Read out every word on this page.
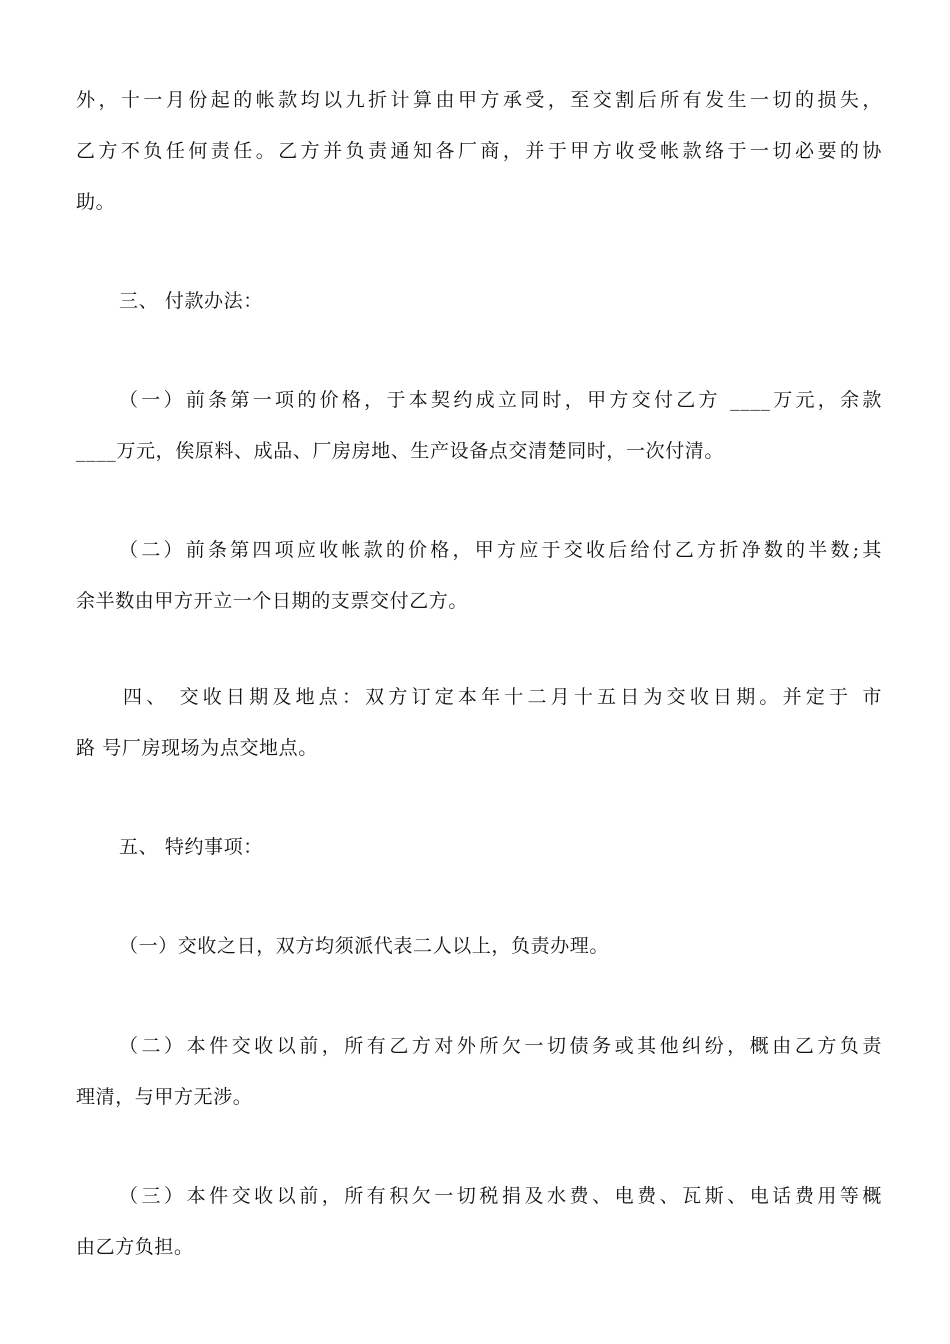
外，十一月份起的帐款均以九折计算由甲方承受，至交割后所有发生一切的损失，
乙方不负任何责任。乙方并负责通知各厂商，并于甲方收受帐款络于一切必要的协
助。
三、 付款办法：
（一）前条第一项的价格，于本契约成立同时，甲方交付乙方 ____万元，余款
____万元，俟原料、成品、厂房房地、生产设备点交清楚同时，一次付清。
（二）前条第四项应收帐款的价格，甲方应于交收后给付乙方折净数的半数;其
余半数由甲方开立一个日期的支票交付乙方。
四、 交收日期及地点：双方订定本年十二月十五日为交收日期。并定于 市
路 号厂房现场为点交地点。
五、 特约事项：
（一）交收之日，双方均须派代表二人以上，负责办理。
（二）本件交收以前，所有乙方对外所欠一切债务或其他纠纷，概由乙方负责
理清，与甲方无涉。
（三）本件交收以前，所有积欠一切税捐及水费、电费、瓦斯、电话费用等概
由乙方负担。
